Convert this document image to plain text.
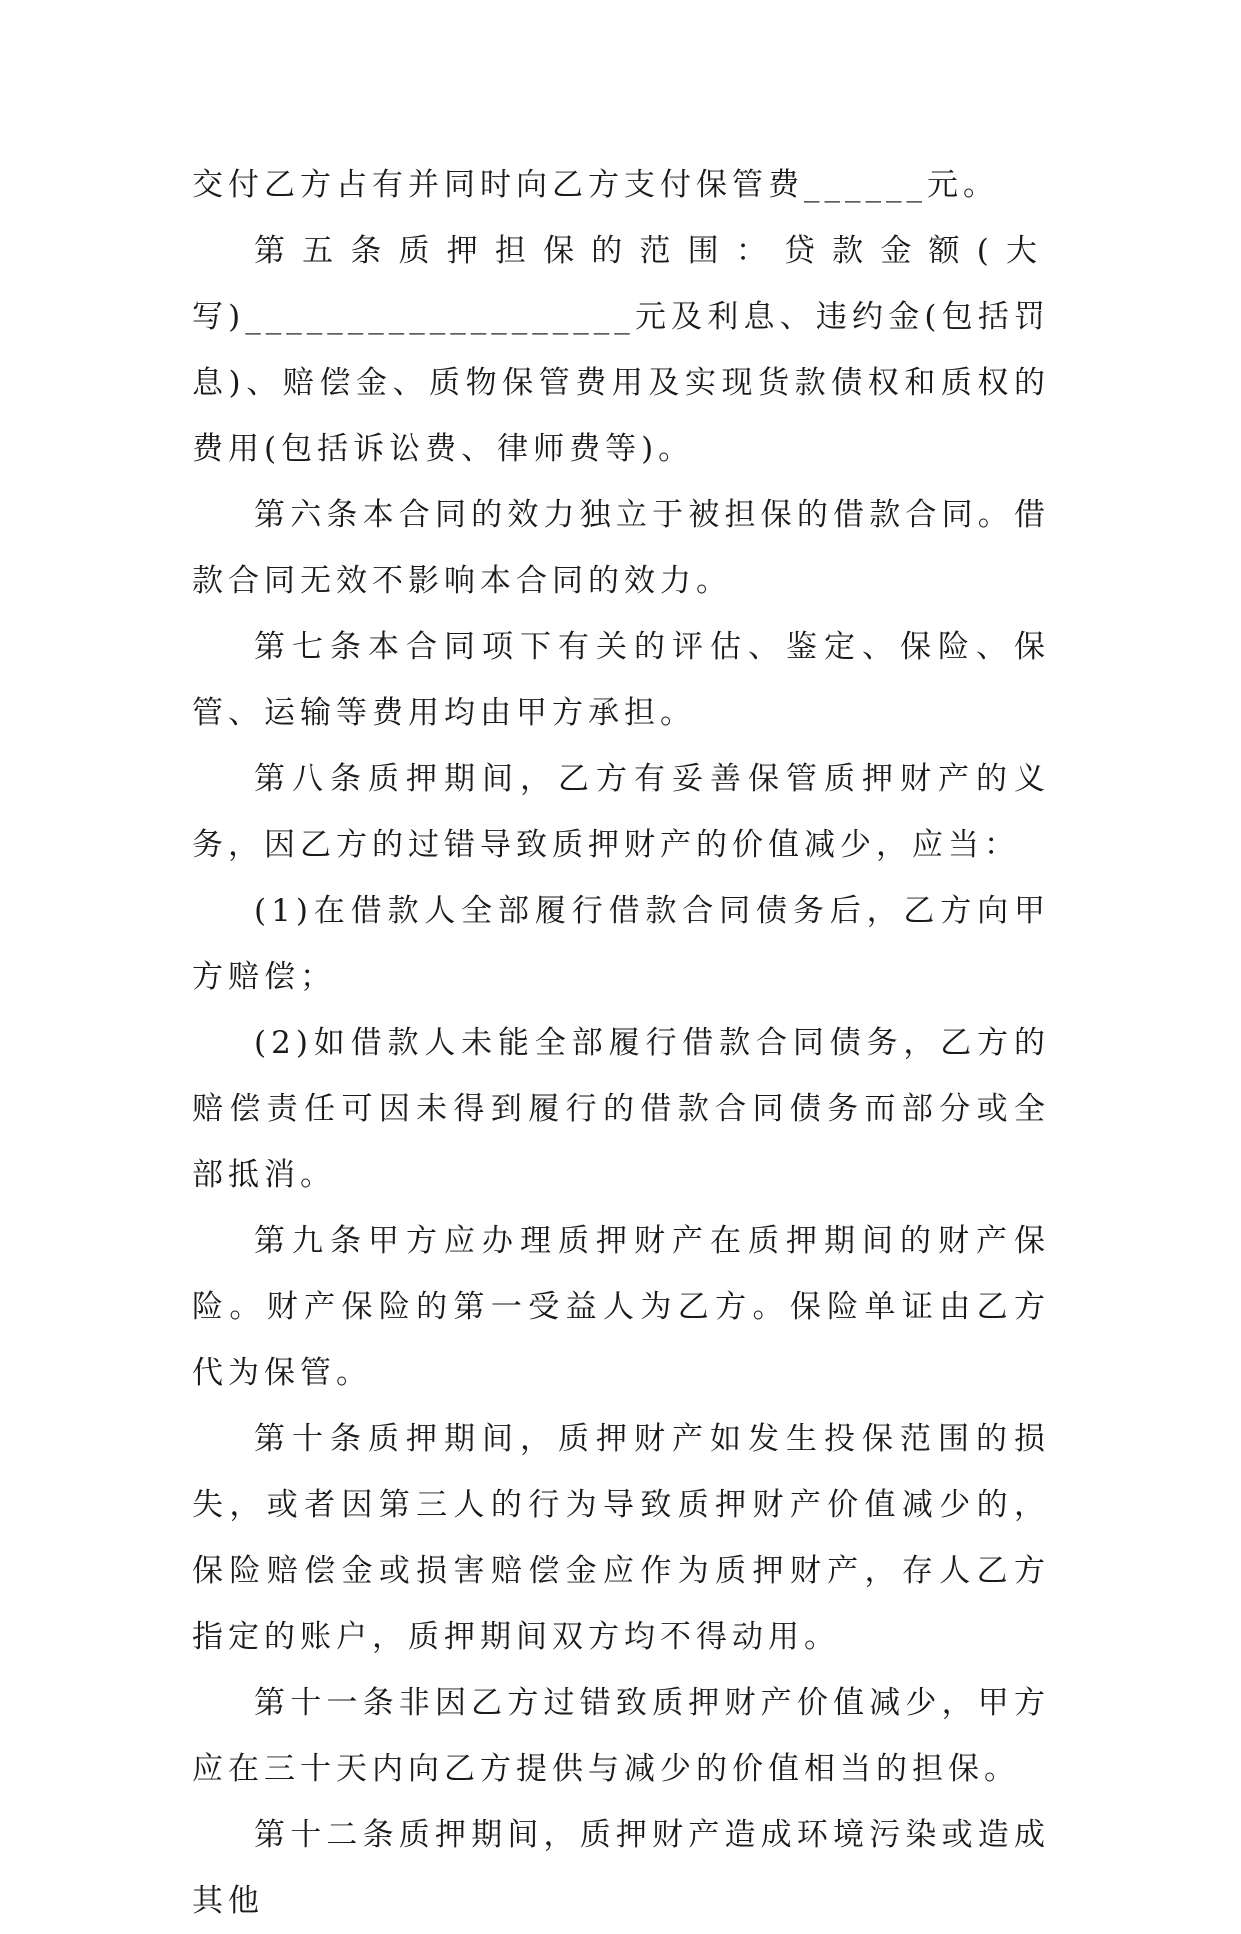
交付乙方占有并同时向乙方支付保管费______元。

第五条质押担保的范围：贷款金额(大

写)___________________元及利息、违约金(包括罚息)、赔偿金、质物保管费用及实现货款债权和质权的费用(包括诉讼费、律师费等)。

第六条本合同的效力独立于被担保的借款合同。借款合同无效不影响本合同的效力。

第七条本合同项下有关的评估、鉴定、保险、保管、运输等费用均由甲方承担。

第八条质押期间，乙方有妥善保管质押财产的义务，因乙方的过错导致质押财产的价值减少，应当：

(1)在借款人全部履行借款合同债务后，乙方向甲方赔偿；

(2)如借款人未能全部履行借款合同债务，乙方的赔偿责任可因未得到履行的借款合同债务而部分或全部抵消。

第九条甲方应办理质押财产在质押期间的财产保险。财产保险的第一受益人为乙方。保险单证由乙方代为保管。

第十条质押期间，质押财产如发生投保范围的损失，或者因第三人的行为导致质押财产价值减少的，保险赔偿金或损害赔偿金应作为质押财产，存人乙方指定的账户，质押期间双方均不得动用。

第十一条非因乙方过错致质押财产价值减少，甲方应在三十天内向乙方提供与减少的价值相当的担保。

第十二条质押期间，质押财产造成环境污染或造成其他
